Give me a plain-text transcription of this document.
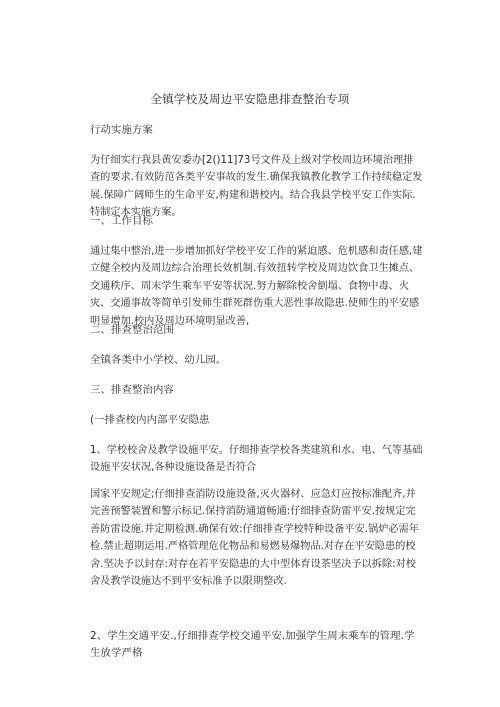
全镇学校及周边平安隐患排查整治专项

行动实施方案

为仔细实行我县黄安委办[2()11]73号文件及上级对学校周边环境治理排查的要求.有效防范各类平安事故的发生.确保我镇教化教学工作持续稳定发展.保障广阔师生的生命平安,构建和谐校内。结合我县学校平安工作实际.特制定本实施方案。

一、工作目标

通过集中整治,进一步增加抓好学校平安工作的紧迫感、危机感和责任感,建立健全校内及周边综合治理长效机制.有效扭转学校及周边饮食卫生摊点、交通秩序、周末学生乘车平安等状况.努力解除校舍倒塌、食物中毒、火灾、交通事故等简单引发师生群死群伤重大恶性事故隐患.使师生的平安感明显增加.校内及周边环境明显改善,

二、排查整治范围

全镇各类中小学校、幼儿园。

三、排查整治内容

(一排查校内内部平安隐患

1、学校校舍及教学设施平安。仔细排查学校各类建筑和水、电、气等基础设施平安状况,各种设施设备是否符合

国家平安规定;仔细排查消防设施设备,灭火器材、应急灯应按标准配齐,并完善预警装置和警示标记.保持消防通道畅通:仔细排查防雷平安.按规定完善防雷设施.并定期检测.确保有效:仔细排查学校特种设备平安.锅炉必需年检.禁止超期运用.严格管理危化物品和易燃易爆物品.对存在平安隐患的校舍.坚决予以封存:对存在若平安隐患的大中型体育设茶坚决予以拆除:对校舍及教学设施达不到平安标准予以限期整改.

2、学生交通平安.,仔细排查学校交通平安.加强学生周末乘车的管理.学生放学严格
